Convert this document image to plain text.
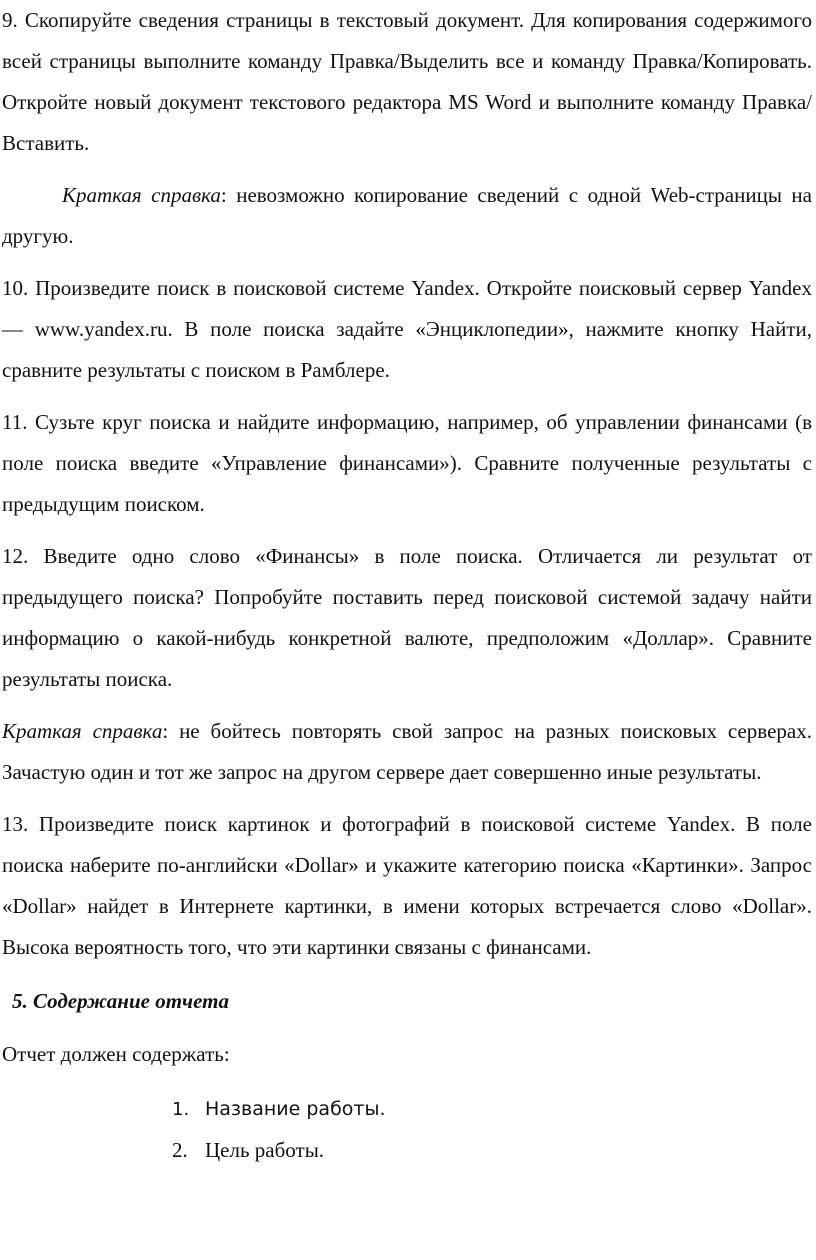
9. Скопируйте сведения страницы в текстовый документ. Для копирования содержимого всей страницы выполните команду Правка/Выделить все и команду Правка/Копировать. Откройте новый документ текстового редактора MS Word и выполните команду Правка/Вставить.

Краткая справка: невозможно копирование сведений с одной Web-страницы на другую.

10. Произведите поиск в поисковой системе Yandex. Откройте поисковый сервер Yandex — www.yandex.ru. В поле поиска задайте «Энциклопедии», нажмите кнопку Найти, сравните результаты с поиском в Рамблере.

11. Сузьте круг поиска и найдите информацию, например, об управлении финансами (в поле поиска введите «Управление финансами»). Сравните полученные результаты с предыдущим поиском.

12. Введите одно слово «Финансы» в поле поиска. Отличается ли результат от предыдущего поиска? Попробуйте поставить перед поисковой системой задачу найти информацию о какой-нибудь конкретной валюте, предположим «Доллар». Сравните результаты поиска.

Краткая справка: не бойтесь повторять свой запрос на разных поисковых серверах. Зачастую один и тот же запрос на другом сервере дает совершенно иные результаты.

13. Произведите поиск картинок и фотографий в поисковой системе Yandex. В поле поиска наберите по-английски «Dollar» и укажите категорию поиска «Картинки». Запрос «Dollar» найдет в Интернете картинки, в имени которых встречается слово «Dollar». Высока вероятность того, что эти картинки связаны с финансами.

5. Содержание отчета
Отчет должен содержать:
1. Название работы.
2. Цель работы.
